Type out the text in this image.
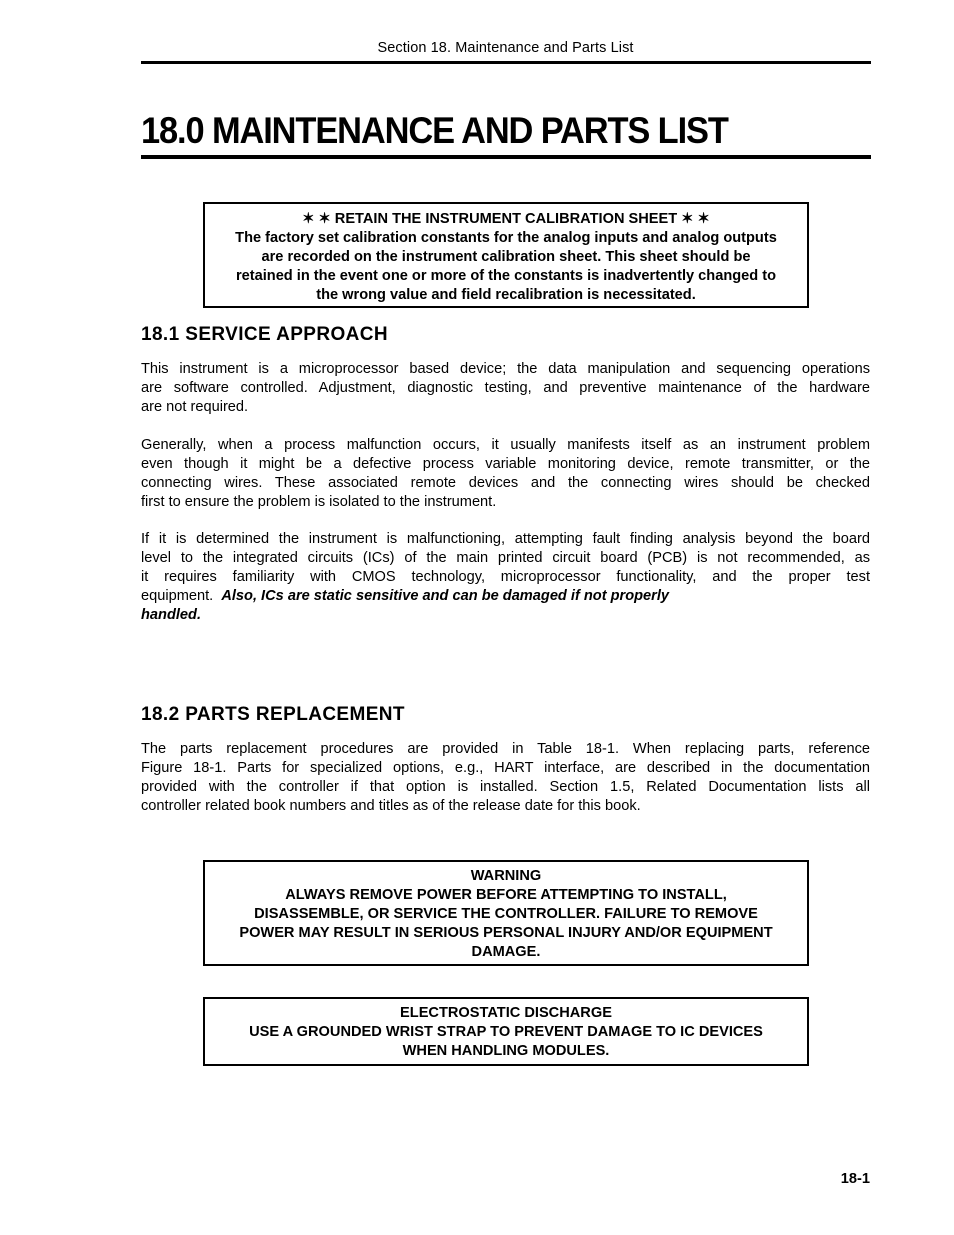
Section 18. Maintenance and Parts List
18.0 MAINTENANCE AND PARTS LIST
✶ ✶ RETAIN THE INSTRUMENT CALIBRATION SHEET ✶ ✶
The factory set calibration constants for the analog inputs and analog outputs
are recorded on the instrument calibration sheet. This sheet should be
retained in the event one or more of the constants is inadvertently changed to
the wrong value and field recalibration is necessitated.
18.1 SERVICE APPROACH
This instrument is a microprocessor based device; the data manipulation and sequencing operations
are software controlled. Adjustment, diagnostic testing, and preventive maintenance of the hardware
are not required.
Generally, when a process malfunction occurs, it usually manifests itself as an instrument problem
even though it might be a defective process variable monitoring device, remote transmitter, or the
connecting wires. These associated remote devices and the connecting wires should be checked
first to ensure the problem is isolated to the instrument.
If it is determined the instrument is malfunctioning, attempting fault finding analysis beyond the board
level to the integrated circuits (ICs) of the main printed circuit board (PCB) is not recommended, as
it requires familiarity with CMOS technology, microprocessor functionality, and the proper test
equipment.  Also, ICs are static sensitive and can be damaged if not properly
handled.
18.2 PARTS REPLACEMENT
The parts replacement procedures are provided in Table 18-1. When replacing parts, reference
Figure 18-1. Parts for specialized options, e.g., HART interface, are described in the documentation
provided with the controller if that option is installed. Section 1.5, Related Documentation lists all
controller related book numbers and titles as of the release date for this book.
WARNING
ALWAYS REMOVE POWER BEFORE ATTEMPTING TO INSTALL,
DISASSEMBLE, OR SERVICE THE CONTROLLER. FAILURE TO REMOVE
POWER MAY RESULT IN SERIOUS PERSONAL INJURY AND/OR EQUIPMENT
DAMAGE.
ELECTROSTATIC DISCHARGE
USE A GROUNDED WRIST STRAP TO PREVENT DAMAGE TO IC DEVICES
WHEN HANDLING MODULES.
18-1
